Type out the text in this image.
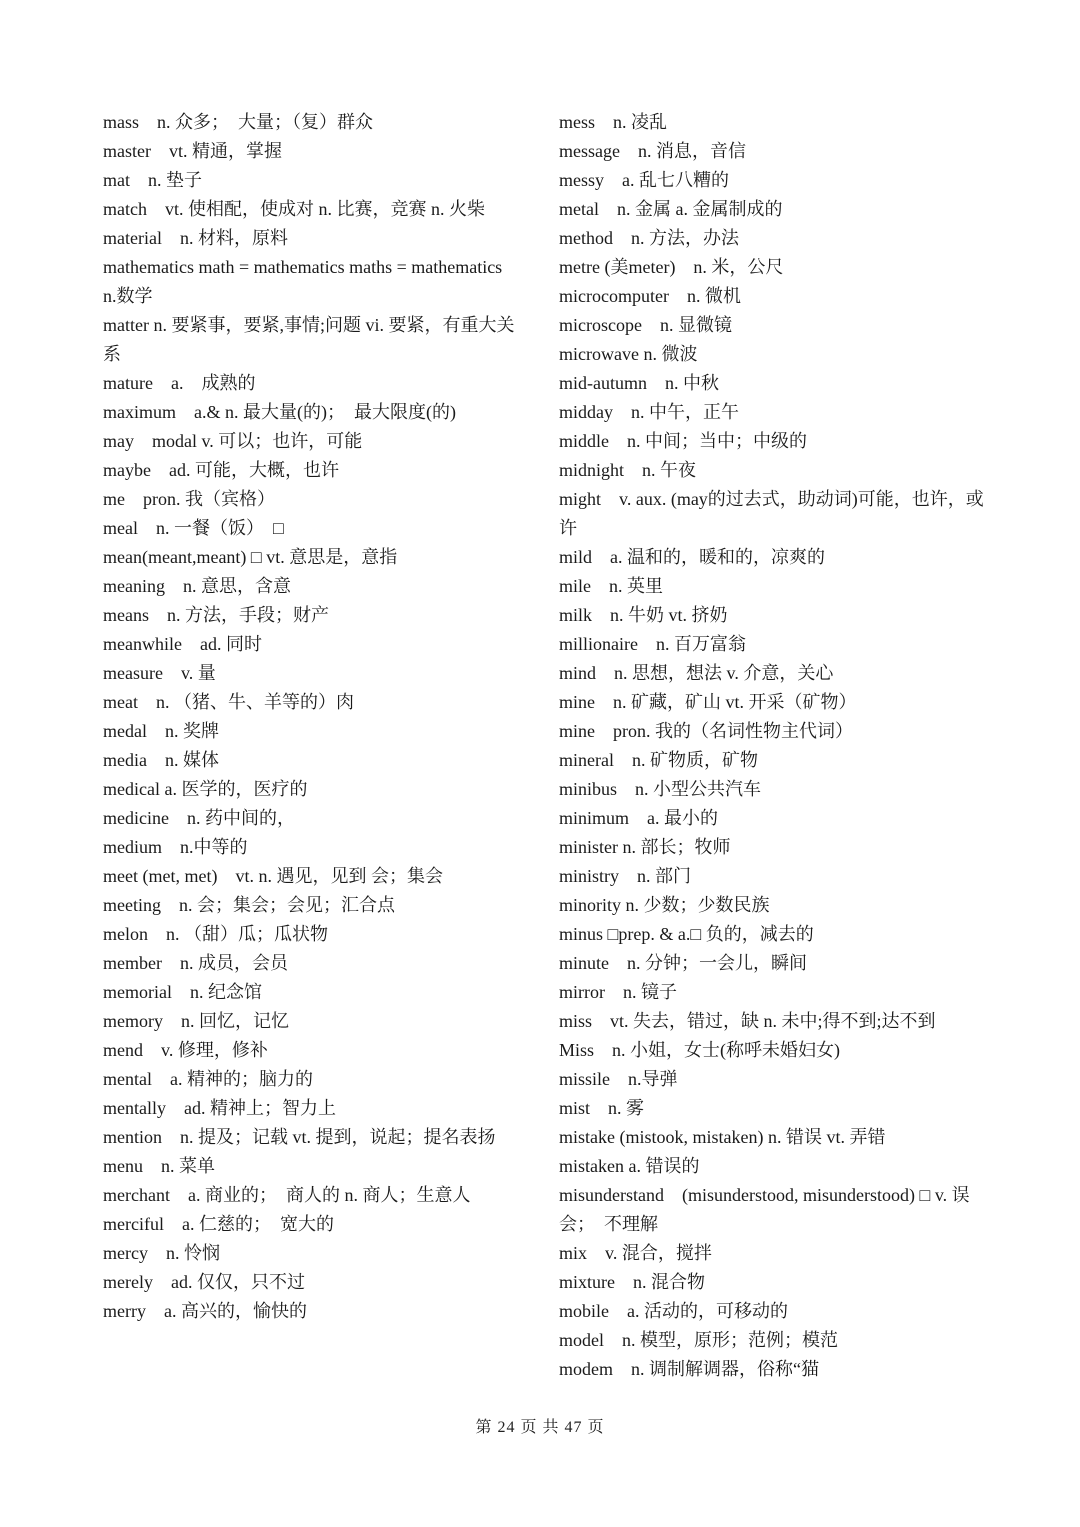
mass　n. 众多；　大量；（复）群众

master　vt. 精通，掌握

mat　n. 垫子

match　vt. 使相配，使成对 n. 比赛，竞赛 n. 火柴

material　n. 材料，原料

mathematics math = mathematics maths = mathematics　　n.数学

matter n. 要紧事，要紧,事情;问题 vi. 要紧，有重大关系

mature　a.　成熟的

maximum　a.& n. 最大量(的)；　最大限度(的)

may　modal v. 可以；也许，可能

maybe　ad. 可能，大概，也许

me　pron. 我（宾格）

meal　n. 一餐（饭）　□

mean(meant,meant) □ vt. 意思是，意指

meaning　n. 意思，含意

means　n. 方法，手段；财产

meanwhile　ad. 同时

measure　v. 量

meat　n. （猪、牛、羊等的）肉

medal　n. 奖牌

media　n. 媒体

medical a. 医学的，医疗的

medicine　n. 药中间的，

medium　n.中等的

meet (met, met)　vt. n. 遇见，见到 会；集会

meeting　n. 会；集会；会见；汇合点

melon　n. （甜）瓜；瓜状物

member　n. 成员，会员

memorial　n. 纪念馆

memory　n. 回忆，记忆

mend　v. 修理，修补

mental　a. 精神的；脑力的

mentally　ad. 精神上；智力上

mention　n. 提及；记载 vt. 提到，说起；提名表扬

menu　n. 菜单

merchant　a. 商业的；　商人的 n. 商人；生意人

merciful　a. 仁慈的；　宽大的

mercy　n. 怜悯

merely　ad. 仅仅，只不过

merry　a. 高兴的，愉快的

mess　n. 凌乱

message　n. 消息，音信

messy　a. 乱七八糟的

metal　n. 金属 a. 金属制成的

method　n. 方法，办法

metre (美meter)　n. 米，公尺

microcomputer　n. 微机

microscope　n. 显微镜

microwave n. 微波

mid-autumn　n. 中秋

midday　n. 中午，正午

middle　n. 中间；当中；中级的

midnight　n. 午夜

might　v. aux. (may的过去式，助动词)可能，也许，或许

mild　a. 温和的，暖和的，凉爽的

mile　n. 英里

milk　n. 牛奶 vt. 挤奶

millionaire　n. 百万富翁

mind　n. 思想，想法 v. 介意，关心

mine　n. 矿藏，矿山 vt. 开采（矿物）

mine　pron. 我的（名词性物主代词）

mineral　n. 矿物质，矿物

minibus　n. 小型公共汽车

minimum　a. 最小的

minister n. 部长；牧师

ministry　n. 部门

minority n. 少数；少数民族

minus □prep. & a.□ 负的，减去的

minute　n. 分钟；一会儿，瞬间

mirror　n. 镜子

miss　vt. 失去，错过，缺 n. 未中;得不到;达不到

Miss　n. 小姐，女士(称呼未婚妇女)

missile　n.导弹

mist　n. 雾

mistake (mistook, mistaken) n. 错误 vt. 弄错

mistaken a. 错误的

misunderstand　(misunderstood, misunderstood) □ v. 误会；　不理解

mix　v. 混合，搅拌

mixture　n. 混合物

mobile　a. 活动的，可移动的

model　n. 模型，原形；范例；模范

modem　n. 调制解调器，俗称“猫

第 24 页 共 47 页
